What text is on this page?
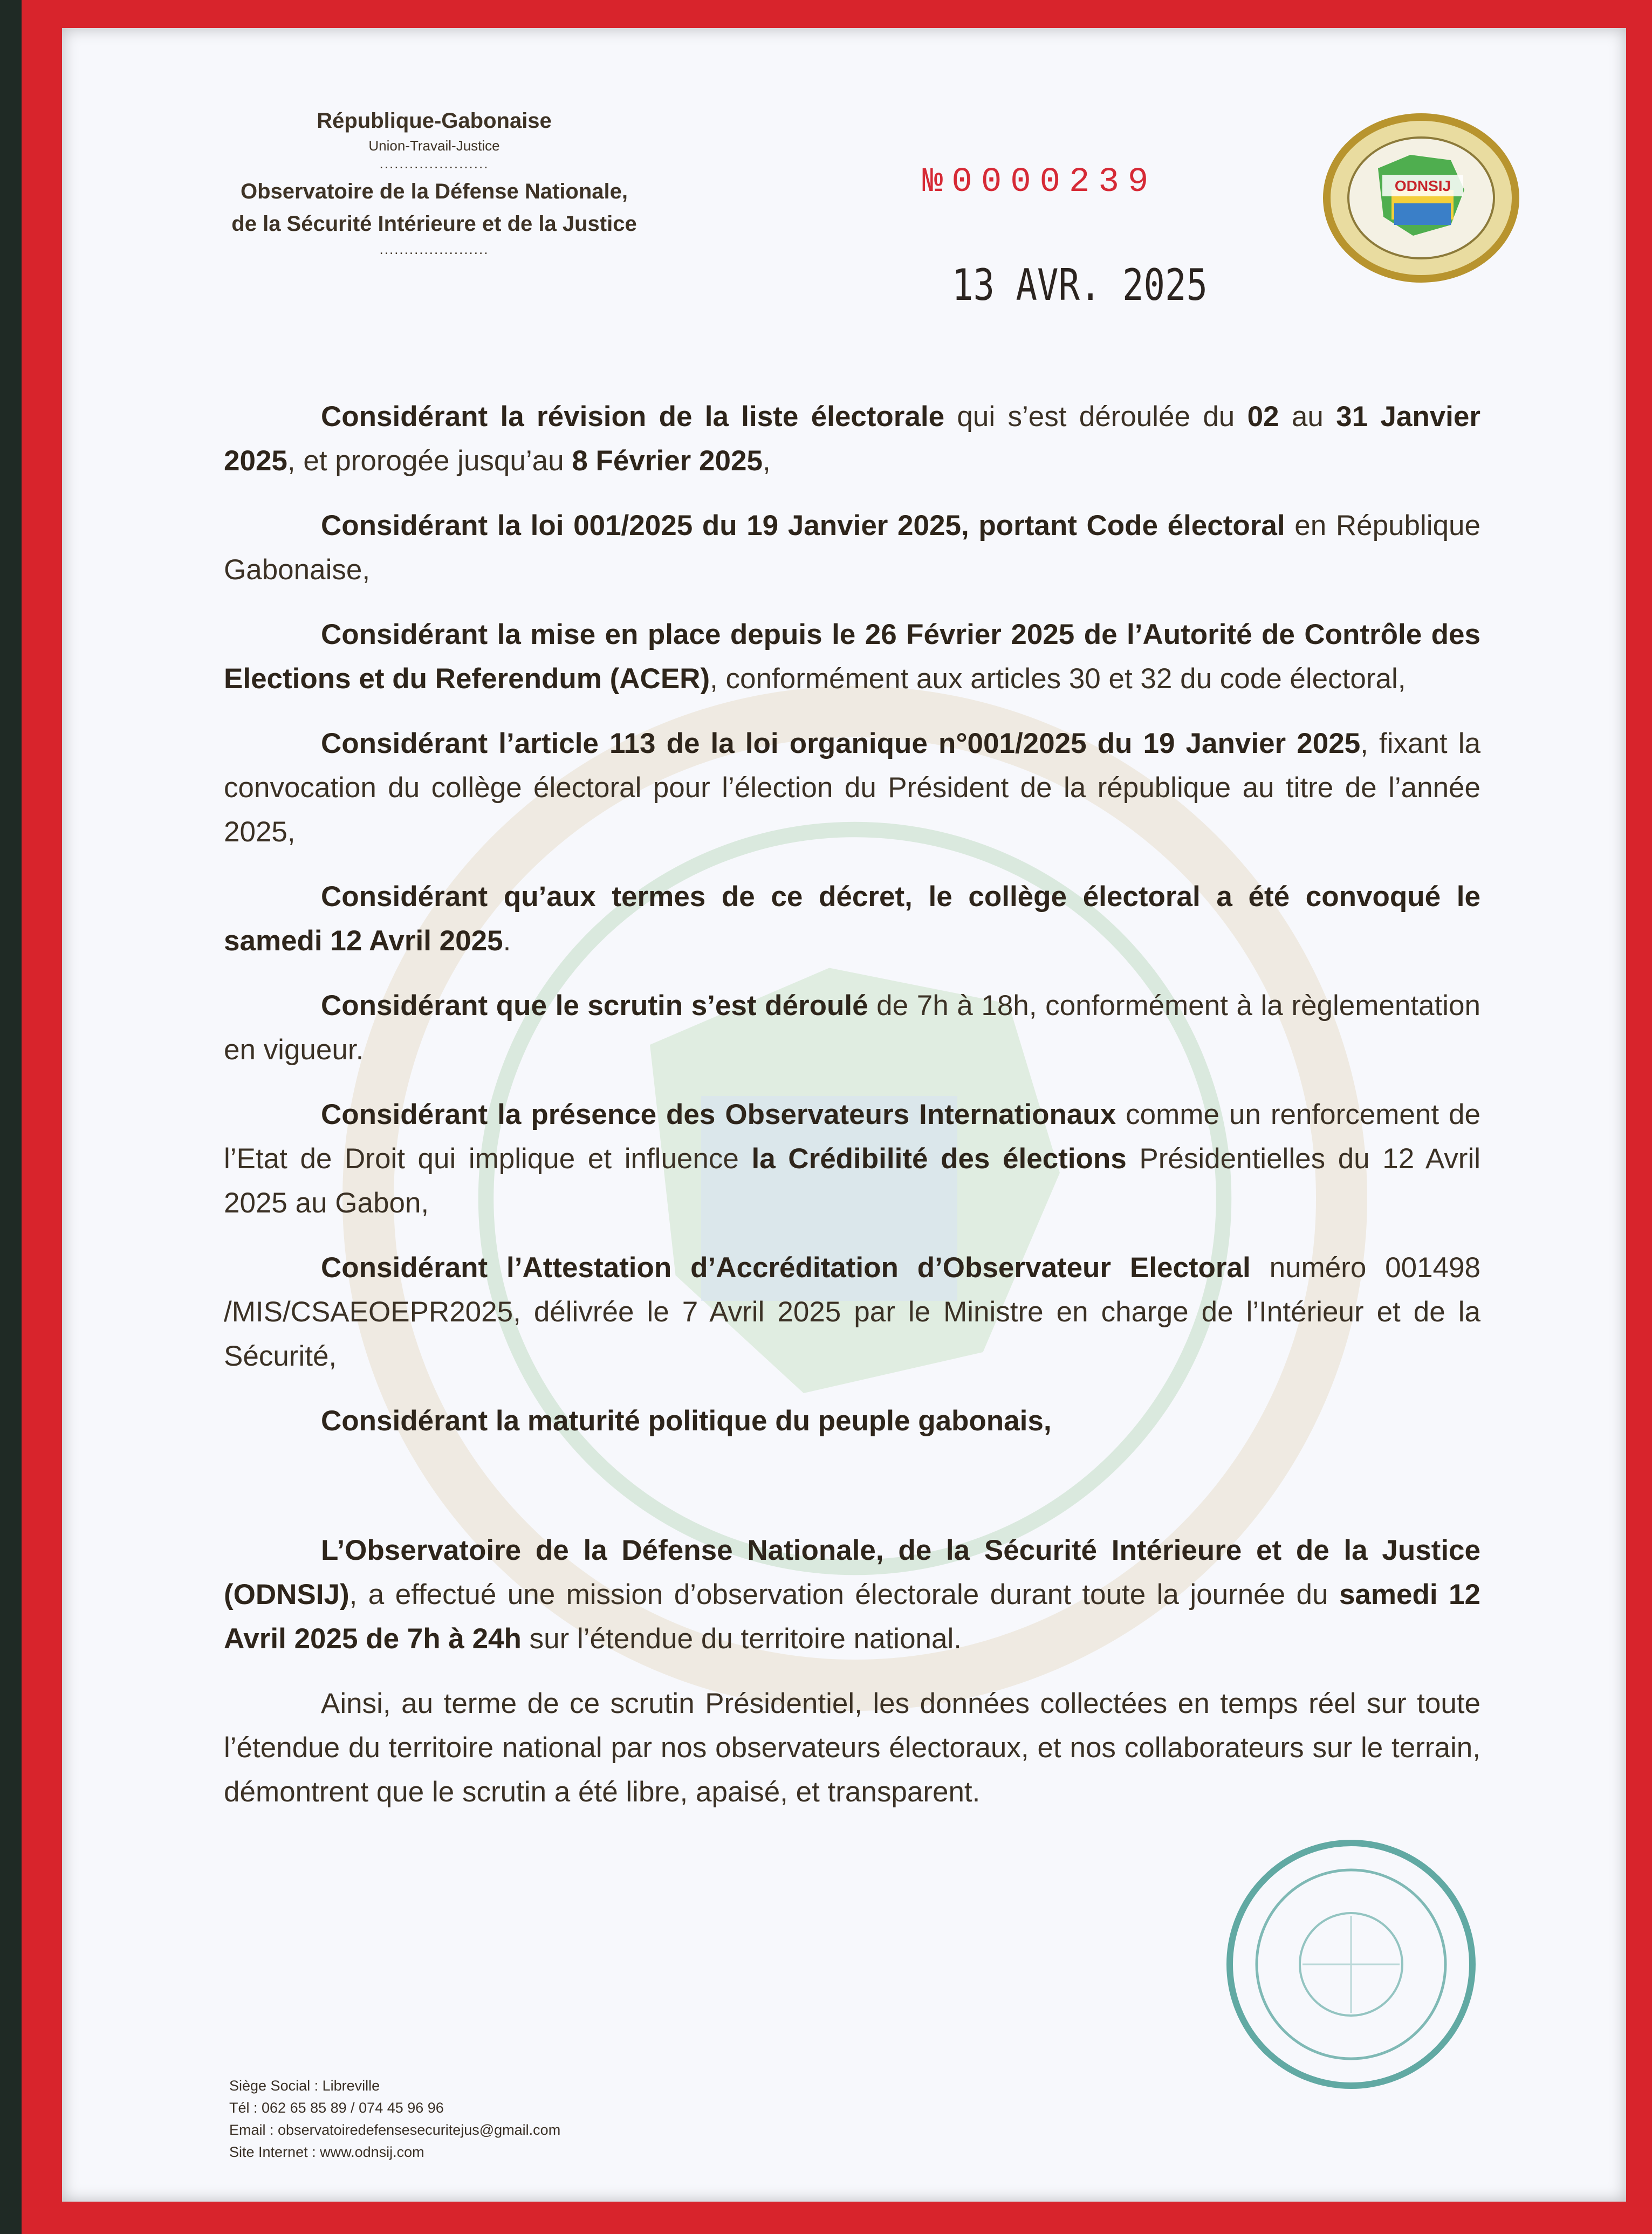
République-Gabonaise
Union-Travail-Justice
......................
Observatoire de la Défense Nationale,
de la Sécurité Intérieure et de la Justice
......................
№0000239
13 AVR. 2025
ODNSIJ

Considérant la révision de la liste électorale qui s’est déroulée du 02 au 31 Janvier 2025, et prorogée jusqu’au 8 Février 2025,

Considérant la loi 001/2025 du 19 Janvier 2025, portant Code électoral en République Gabonaise,

Considérant la mise en place depuis le 26 Février 2025 de l’Autorité de Contrôle des Elections et du Referendum (ACER), conformément aux articles 30 et 32 du code électoral,

Considérant l’article 113 de la loi organique n°001/2025 du 19 Janvier 2025, fixant la convocation du collège électoral pour l’élection du Président de la république au titre de l’année 2025,

Considérant qu’aux termes de ce décret, le collège électoral a été convoqué le samedi 12 Avril 2025.

Considérant que le scrutin s’est déroulé de 7h à 18h, conformément à la règlementation en vigueur.

Considérant la présence des Observateurs Internationaux comme un renforcement de l’Etat de Droit qui implique et influence la Crédibilité des élections Présidentielles du 12 Avril 2025 au Gabon,

Considérant l’Attestation d’Accréditation d’Observateur Electoral numéro 001498 /MIS/CSAEOEPR2025, délivrée le 7 Avril 2025 par le Ministre en charge de l’Intérieur et de la Sécurité,

Considérant la maturité politique du peuple gabonais,

L’Observatoire de la Défense Nationale, de la Sécurité Intérieure et de la Justice (ODNSIJ), a effectué une mission d’observation électorale durant toute la journée du samedi 12 Avril 2025 de 7h à 24h sur l’étendue du territoire national.

Ainsi, au terme de ce scrutin Présidentiel, les données collectées en temps réel sur toute l’étendue du territoire national par nos observateurs électoraux, et nos collaborateurs sur le terrain, démontrent que le scrutin a été libre, apaisé, et transparent.

Siège Social : Libreville
Tél : 062 65 85 89 / 074 45 96 96
Email : observatoiredefensesecuritejus@gmail.com
Site Internet : www.odnsij.com
